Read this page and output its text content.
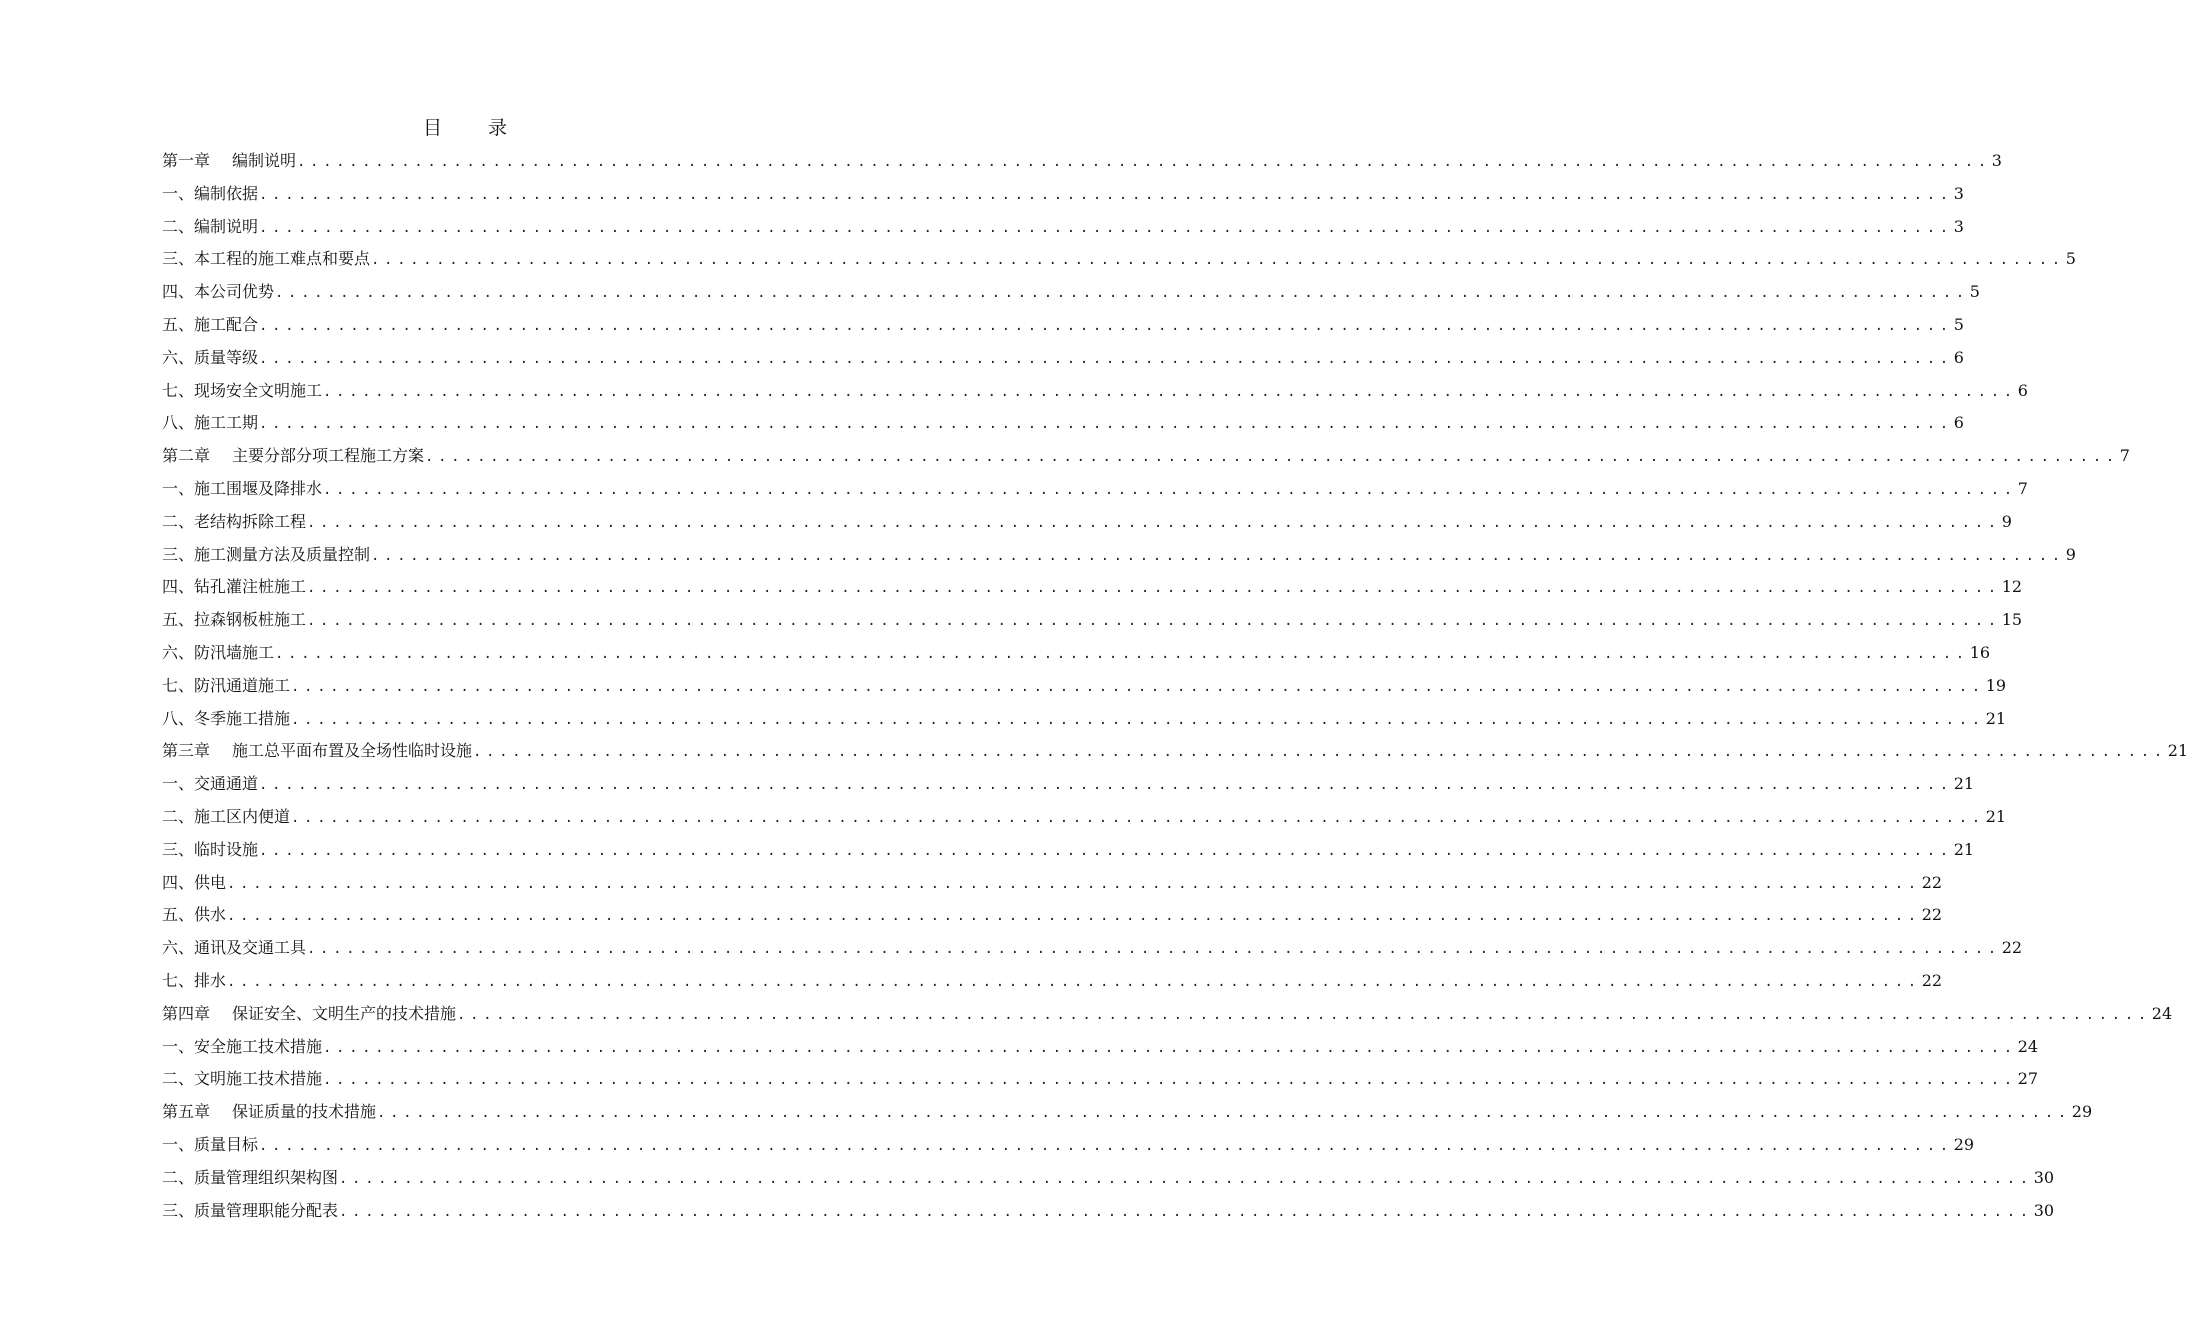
目 录
第一章 编制说明 .................................................................................................................................. 3
一、编制依据 .................................................................................................................................. 3
二、编制说明 .................................................................................................................................. 3
三、本工程的施工难点和要点 .................................................................................................................................. 5
四、本公司优势 .................................................................................................................................. 5
五、施工配合 .................................................................................................................................. 5
六、质量等级 .................................................................................................................................. 6
七、现场安全文明施工 .................................................................................................................................. 6
八、施工工期 .................................................................................................................................. 6
第二章 主要分部分项工程施工方案 .................................................................................................................................. 7
一、施工围堰及降排水 .................................................................................................................................. 7
二、老结构拆除工程 .................................................................................................................................. 9
三、施工测量方法及质量控制 .................................................................................................................................. 9
四、钻孔灌注桩施工 .................................................................................................................................. 12
五、拉森钢板桩施工 .................................................................................................................................. 15
六、防汛墙施工 .................................................................................................................................. 16
七、防汛通道施工 .................................................................................................................................. 19
八、冬季施工措施 .................................................................................................................................. 21
第三章 施工总平面布置及全场性临时设施 .................................................................................................................................. 21
一、交通通道 .................................................................................................................................. 21
二、施工区内便道 .................................................................................................................................. 21
三、临时设施 .................................................................................................................................. 21
四、供电 .................................................................................................................................. 22
五、供水 .................................................................................................................................. 22
六、通讯及交通工具 .................................................................................................................................. 22
七、排水 .................................................................................................................................. 22
第四章 保证安全、文明生产的技术措施 .................................................................................................................................. 24
一、安全施工技术措施 .................................................................................................................................. 24
二、文明施工技术措施 .................................................................................................................................. 27
第五章 保证质量的技术措施 .................................................................................................................................. 29
一、质量目标 .................................................................................................................................. 29
二、质量管理组织架构图 .................................................................................................................................. 30
三、质量管理职能分配表 .................................................................................................................................. 30
